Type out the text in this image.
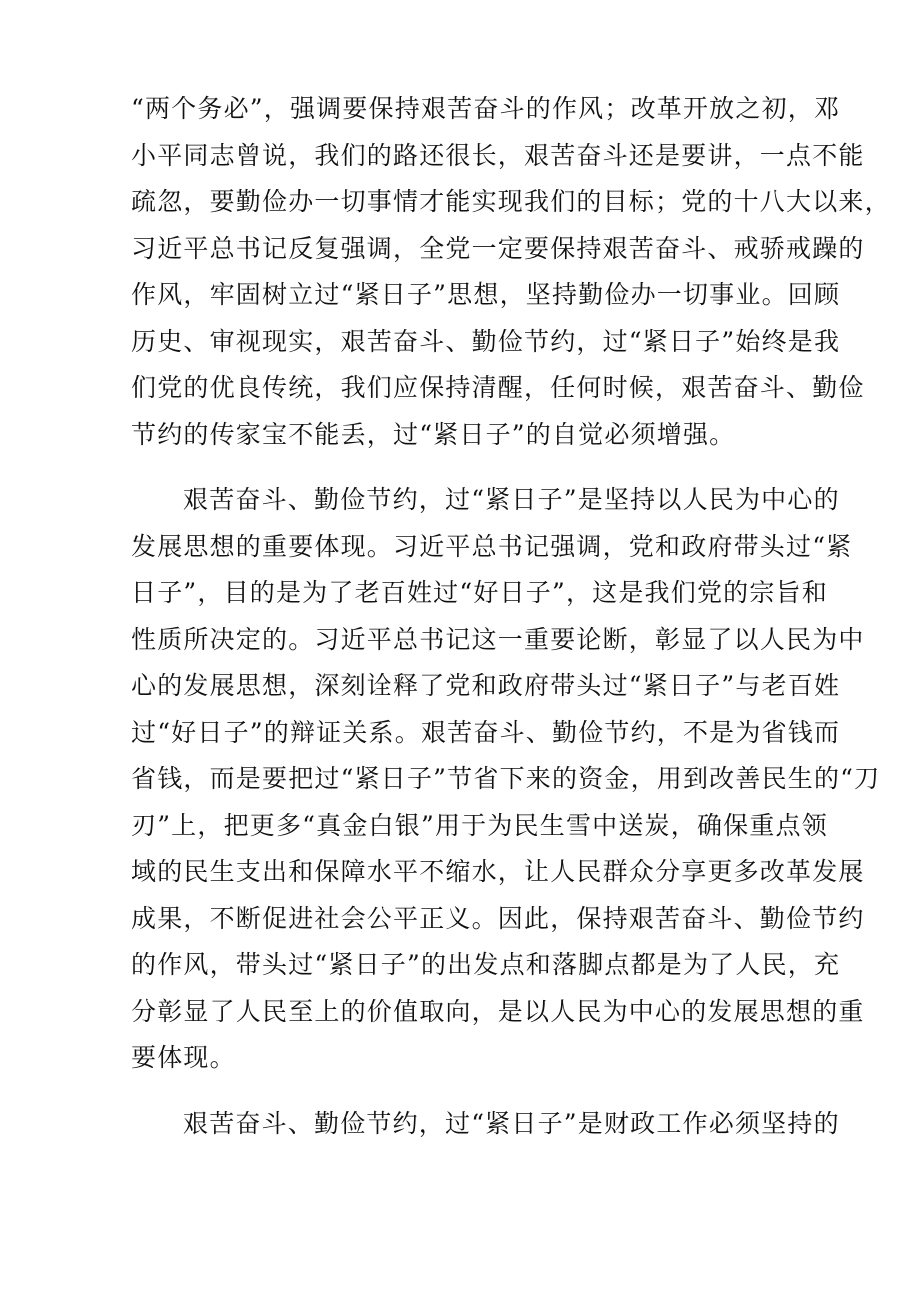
“两个务必”，强调要保持艰苦奋斗的作风；改革开放之初，邓
小平同志曾说，我们的路还很长，艰苦奋斗还是要讲，一点不能
疏忽，要勤俭办一切事情才能实现我们的目标；党的十八大以来，
习近平总书记反复强调，全党一定要保持艰苦奋斗、戒骄戒躁的
作风，牢固树立过“紧日子”思想，坚持勤俭办一切事业。回顾
历史、审视现实，艰苦奋斗、勤俭节约，过“紧日子”始终是我
们党的优良传统，我们应保持清醒，任何时候，艰苦奋斗、勤俭
节约的传家宝不能丢，过“紧日子”的自觉必须增强。

艰苦奋斗、勤俭节约，过“紧日子”是坚持以人民为中心的
发展思想的重要体现。习近平总书记强调，党和政府带头过“紧
日子”，目的是为了老百姓过“好日子”，这是我们党的宗旨和
性质所决定的。习近平总书记这一重要论断，彰显了以人民为中
心的发展思想，深刻诠释了党和政府带头过“紧日子”与老百姓
过“好日子”的辩证关系。艰苦奋斗、勤俭节约，不是为省钱而
省钱，而是要把过“紧日子”节省下来的资金，用到改善民生的“刀
刃”上，把更多“真金白银”用于为民生雪中送炭，确保重点领
域的民生支出和保障水平不缩水，让人民群众分享更多改革发展
成果，不断促进社会公平正义。因此，保持艰苦奋斗、勤俭节约
的作风，带头过“紧日子”的出发点和落脚点都是为了人民，充
分彰显了人民至上的价值取向，是以人民为中心的发展思想的重
要体现。

艰苦奋斗、勤俭节约，过“紧日子”是财政工作必须坚持的
